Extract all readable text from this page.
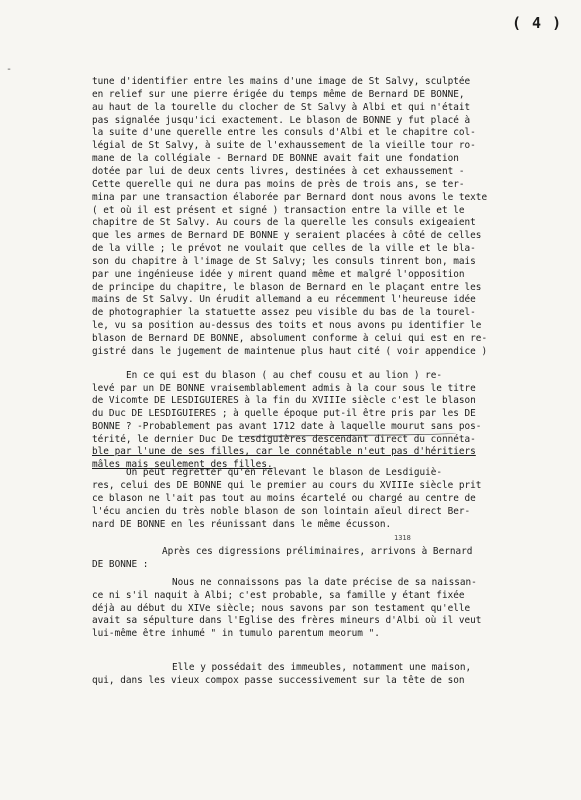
( 4 )
-
1318
tune d'identifier entre les mains d'une image de St Salvy, sculptée
en relief sur une pierre érigée du temps même de Bernard DE BONNE,
au haut de la tourelle du clocher de St Salvy à Albi et qui n'était
pas signalée jusqu'ici exactement. Le blason de BONNE y fut placé à
la suite d'une querelle entre les consuls d'Albi et le chapitre col-
légial de St Salvy, à suite de l'exhaussement de la vieille tour ro-
mane de la collégiale - Bernard DE BONNE avait fait une fondation
dotée par lui de deux cents livres, destinées à cet exhaussement -
Cette querelle qui ne dura pas moins de près de trois ans, se ter-
mina par une transaction élaborée par Bernard dont nous avons le texte
( et où il est présent et signé ) transaction entre la ville et le
chapitre de St Salvy. Au cours de la querelle les consuls exigeaient
que les armes de Bernard DE BONNE y seraient placées à côté de celles
de la ville ; le prévot ne voulait que celles de la ville et le bla-
son du chapitre à l'image de St Salvy; les consuls tinrent bon, mais
par une ingénieuse idée y mirent quand même et malgré l'opposition
de principe du chapitre, le blason de Bernard en le plaçant entre les
mains de St Salvy. Un érudit allemand a eu récemment l'heureuse idée
de photographier la statuette assez peu visible du bas de la tourel-
le, vu sa position au-dessus des toits et nous avons pu identifier le
blason de Bernard DE BONNE, absolument conforme à celui qui est en re-
gistré dans le jugement de maintenue plus haut cité ( voir appendice )
En ce qui est du blason ( au chef cousu et au lion ) re-
levé par un DE BONNE vraisemblablement admis à la cour sous le titre
de Vicomte DE LESDIGUIERES à la fin du XVIIIe siècle c'est le blason
du Duc DE LESDIGUIERES ; à quelle époque put-il être pris par les DE
BONNE ? -Probablement pas avant 1712 date à laquelle mourut sans pos-
térité, le dernier Duc De Lesdiguières descendant direct du connéta-
ble par l'une de ses filles, car le connétable n'eut pas d'héritiers
mâles mais seulement des filles.
On peut regretter qu'en relevant le blason de Lesdiguiè-
res, celui des DE BONNE qui le premier au cours du XVIIIe siècle prit
ce blason ne l'ait pas tout au moins écartelé ou chargé au centre de
l'écu ancien du très noble blason de son lointain aïeul direct Ber-
nard DE BONNE en les réunissant dans le même écusson.
Après ces digressions préliminaires, arrivons à Bernard
DE BONNE :
Nous ne connaissons pas la date précise de sa naissan-
ce ni s'il naquit à Albi; c'est probable, sa famille y étant fixée
déjà au début du XIVe siècle; nous savons par son testament qu'elle
avait sa sépulture dans l'Eglise des frères mineurs d'Albi où il veut
lui-même être inhumé " in tumulo parentum meorum ".
Elle y possédait des immeubles, notamment une maison,
qui, dans les vieux compox passe successivement sur la tête de son
